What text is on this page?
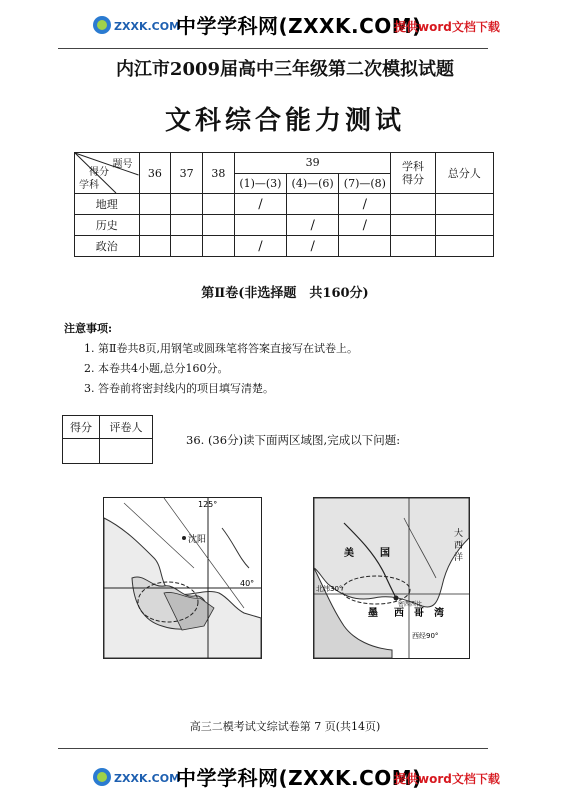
ZXXK.COM
中学学科网(ZXXK.COM)
提供word文档下载
内江市2009届高中三年级第二次模拟试题
文科综合能力测试
题号
得分
学科	36	37	38	39			学科得分	总分人
				(1)—(3)	(4)—(6)	(7)—(8)		
地理				/		/		
历史					/	/		
政治				/	/			
第Ⅱ卷(非选择题　共160分)
注意事项:
1. 第Ⅱ卷共8页,用钢笔或圆珠笔将答案直接写在试卷上。
2. 本卷共4小题,总分160分。
3. 答卷前将密封线内的项目填写清楚。
得分	评卷人

36. (36分)读下面两区域图,完成以下问题:
125°
沈阳
40°
美	国
大
西
洋
墨 西 哥 湾
北纬30°
密西西比
西经90°
高三二模考试文综试卷第 7 页(共14页)
ZXXK.COM
中学学科网(ZXXK.COM)
提供word文档下载
